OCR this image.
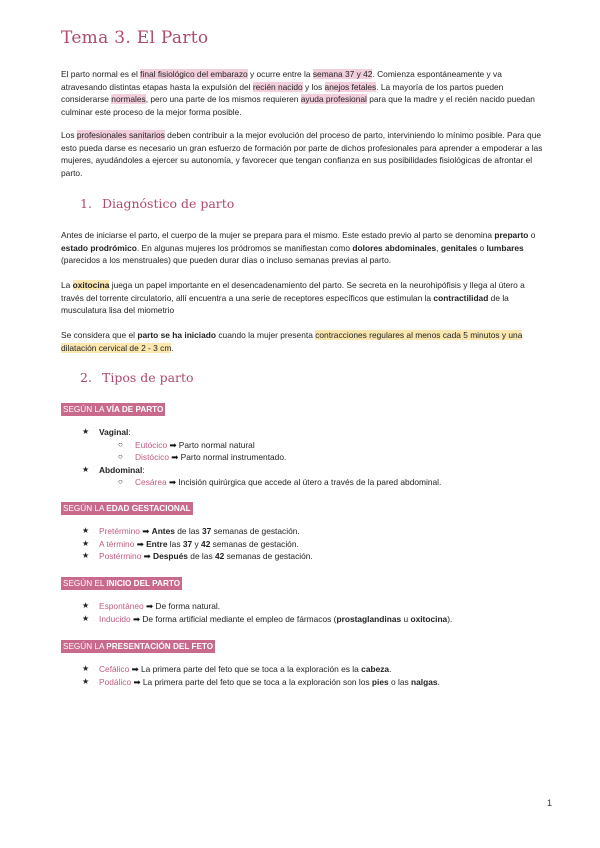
Tema 3. El Parto

El parto normal es el final fisiológico del embarazo y ocurre entre la semana 37 y 42. Comienza espontáneamente y va atravesando distintas etapas hasta la expulsión del recién nacido y los anejos fetales. La mayoría de los partos pueden considerarse normales, pero una parte de los mismos requieren ayuda profesional para que la madre y el recién nacido puedan culminar este proceso de la mejor forma posible.

Los profesionales sanitarios deben contribuir a la mejor evolución del proceso de parto, interviniendo lo mínimo posible. Para que esto pueda darse es necesario un gran esfuerzo de formación por parte de dichos profesionales para aprender a empoderar a las mujeres, ayudándoles a ejercer su autonomía, y favorecer que tengan confianza en sus posibilidades fisiológicas de afrontar el parto.

1. Diagnóstico de parto

Antes de iniciarse el parto, el cuerpo de la mujer se prepara para el mismo. Este estado previo al parto se denomina preparto o estado prodrómico. En algunas mujeres los pródromos se manifiestan como dolores abdominales, genitales o lumbares (parecidos a los menstruales) que pueden durar días o incluso semanas previas al parto.

La oxitocina juega un papel importante en el desencadenamiento del parto. Se secreta en la neurohipófisis y llega al útero a través del torrente circulatorio, allí encuentra a una serie de receptores específicos que estimulan la contractilidad de la musculatura lisa del miometrio

Se considera que el parto se ha iniciado cuando la mujer presenta contracciones regulares al menos cada 5 minutos y una dilatación cervical de 2 - 3 cm.

2. Tipos de parto
SEGÚN LA VÍA DE PARTO
★ Vaginal:
○ Eutócico ➡ Parto normal natural
○ Distócico ➡ Parto normal instrumentado.
★ Abdominal:
○ Cesárea ➡ Incisión quirúrgica que accede al útero a través de la pared abdominal.
SEGÚN LA EDAD GESTACIONAL
★ Pretérmino ➡ Antes de las 37 semanas de gestación.
★ A término ➡ Entre las 37 y 42 semanas de gestación.
★ Postérmino ➡ Después de las 42 semanas de gestación.
SEGÚN EL INICIO DEL PARTO
★ Espontáneo ➡ De forma natural.
★ Inducido ➡ De forma artificial mediante el empleo de fármacos (prostaglandinas u oxitocina).
SEGÚN LA PRESENTACIÓN DEL FETO
★ Cefálico ➡ La primera parte del feto que se toca a la exploración es la cabeza.
★ Podálico ➡ La primera parte del feto que se toca a la exploración son los pies o las nalgas.
1
